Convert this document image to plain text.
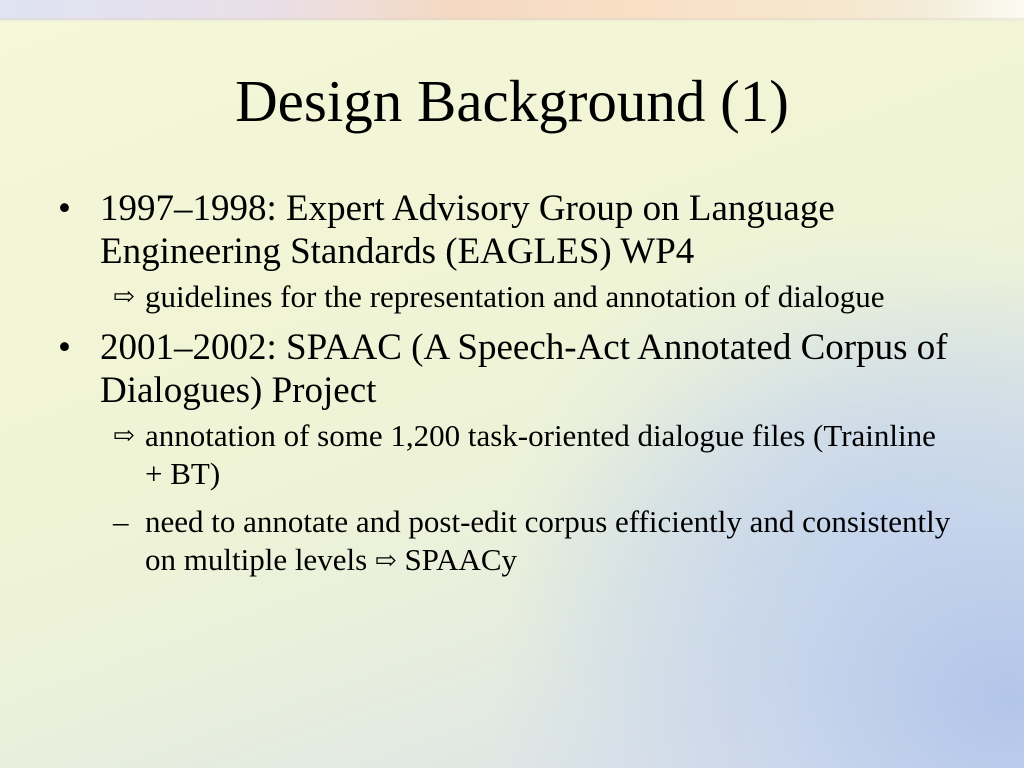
Design Background (1)
• 1997–1998: Expert Advisory Group on Language Engineering Standards (EAGLES) WP4
⇨ guidelines for the representation and annotation of dialogue
• 2001–2002: SPAAC (A Speech-Act Annotated Corpus of Dialogues) Project
⇨ annotation of some 1,200 task-oriented dialogue files (Trainline + BT)
– need to annotate and post-edit corpus efficiently and consistently on multiple levels ⇨ SPAACy
